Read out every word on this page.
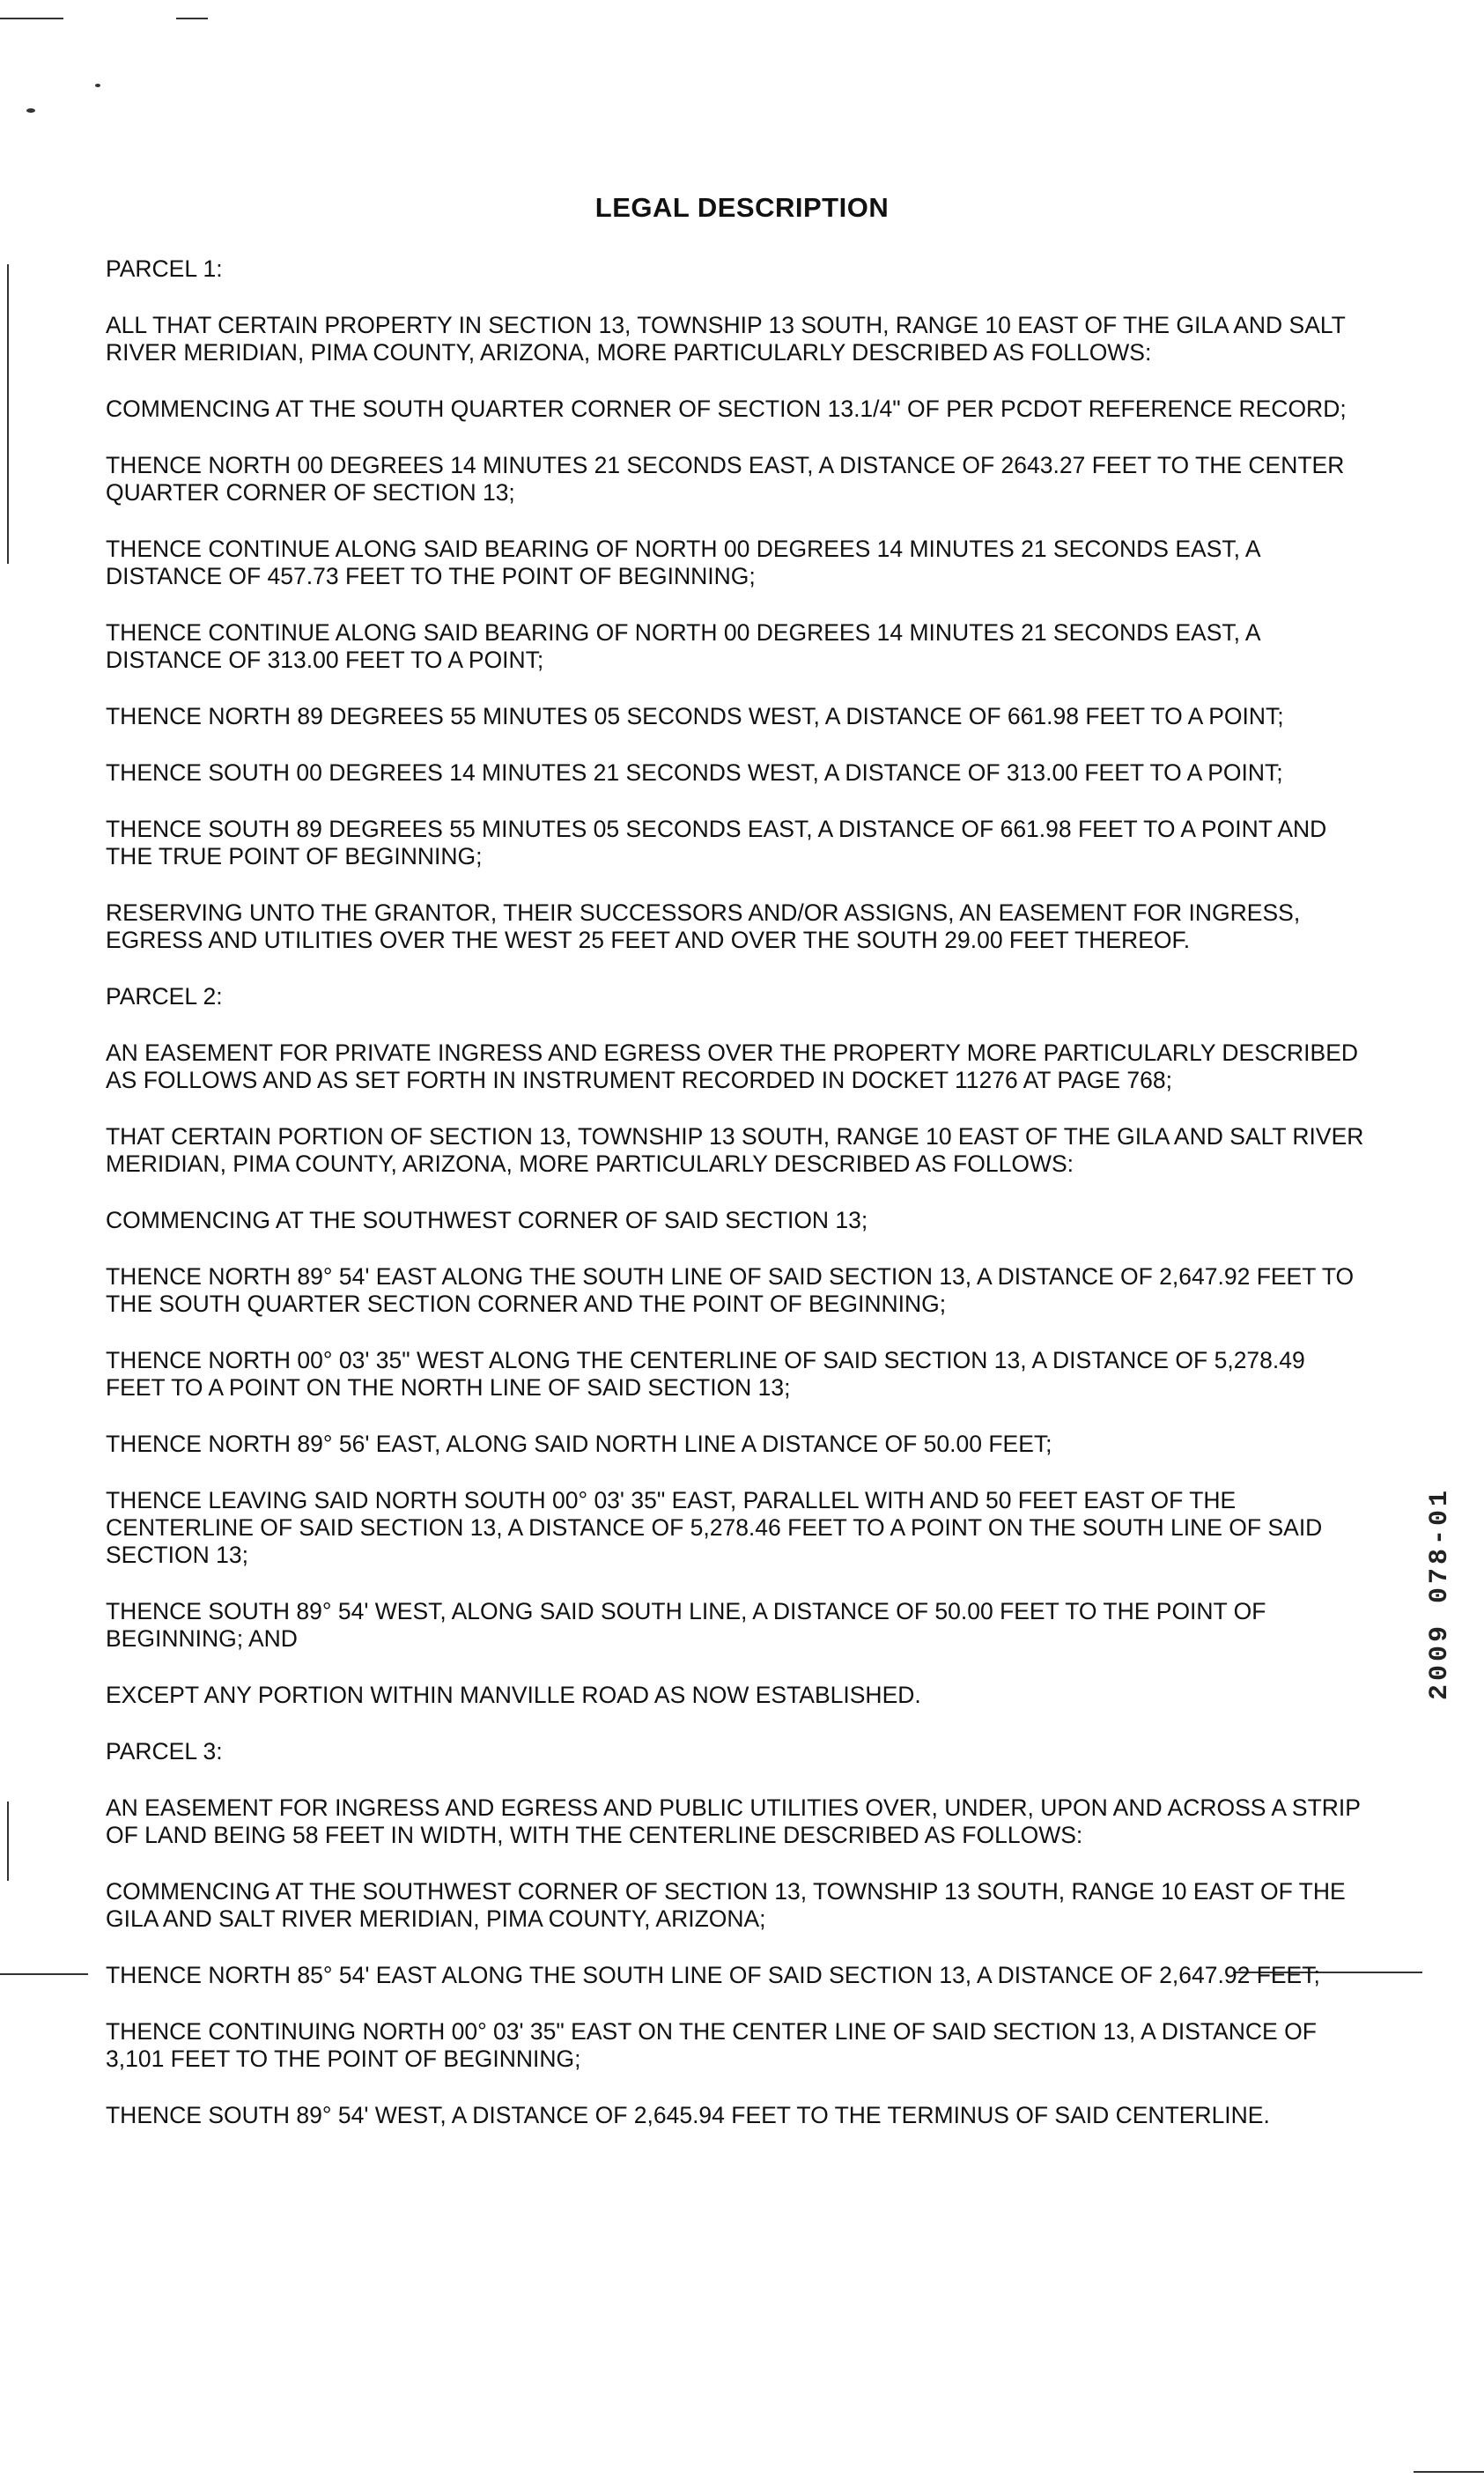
LEGAL DESCRIPTION

PARCEL 1:

ALL THAT CERTAIN PROPERTY IN SECTION 13, TOWNSHIP 13 SOUTH, RANGE 10 EAST OF THE GILA AND SALT RIVER MERIDIAN, PIMA COUNTY, ARIZONA, MORE PARTICULARLY DESCRIBED AS FOLLOWS:

COMMENCING AT THE SOUTH QUARTER CORNER OF SECTION 13.1/4" OF PER PCDOT REFERENCE RECORD;

THENCE NORTH 00 DEGREES 14 MINUTES 21 SECONDS EAST, A DISTANCE OF 2643.27 FEET TO THE CENTER QUARTER CORNER OF SECTION 13;

THENCE CONTINUE ALONG SAID BEARING OF NORTH 00 DEGREES 14 MINUTES 21 SECONDS EAST, A DISTANCE OF 457.73 FEET TO THE POINT OF BEGINNING;

THENCE CONTINUE ALONG SAID BEARING OF NORTH 00 DEGREES 14 MINUTES 21 SECONDS EAST, A DISTANCE OF 313.00 FEET TO A POINT;

THENCE NORTH 89 DEGREES 55 MINUTES 05 SECONDS WEST, A DISTANCE OF 661.98 FEET TO A POINT;

THENCE SOUTH 00 DEGREES 14 MINUTES 21 SECONDS WEST, A DISTANCE OF 313.00 FEET TO A POINT;

THENCE SOUTH 89 DEGREES 55 MINUTES 05 SECONDS EAST, A DISTANCE OF 661.98 FEET TO A POINT AND THE TRUE POINT OF BEGINNING;

RESERVING UNTO THE GRANTOR, THEIR SUCCESSORS AND/OR ASSIGNS, AN EASEMENT FOR INGRESS, EGRESS AND UTILITIES OVER THE WEST 25 FEET AND OVER THE SOUTH 29.00 FEET THEREOF.

PARCEL 2:

AN EASEMENT FOR PRIVATE INGRESS AND EGRESS OVER THE PROPERTY MORE PARTICULARLY DESCRIBED AS FOLLOWS AND AS SET FORTH IN INSTRUMENT RECORDED IN DOCKET 11276 AT PAGE 768;

THAT CERTAIN PORTION OF SECTION 13, TOWNSHIP 13 SOUTH, RANGE 10 EAST OF THE GILA AND SALT RIVER MERIDIAN, PIMA COUNTY, ARIZONA, MORE PARTICULARLY DESCRIBED AS FOLLOWS:

COMMENCING AT THE SOUTHWEST CORNER OF SAID SECTION 13;

THENCE NORTH 89° 54' EAST ALONG THE SOUTH LINE OF SAID SECTION 13, A DISTANCE OF 2,647.92 FEET TO THE SOUTH QUARTER SECTION CORNER AND THE POINT OF BEGINNING;

THENCE NORTH 00° 03' 35" WEST ALONG THE CENTERLINE OF SAID SECTION 13, A DISTANCE OF 5,278.49 FEET TO A POINT ON THE NORTH LINE OF SAID SECTION 13;

THENCE NORTH 89° 56' EAST, ALONG SAID NORTH LINE A DISTANCE OF 50.00 FEET;

THENCE LEAVING SAID NORTH SOUTH 00° 03' 35" EAST, PARALLEL WITH AND 50 FEET EAST OF THE CENTERLINE OF SAID SECTION 13, A DISTANCE OF 5,278.46 FEET TO A POINT ON THE SOUTH LINE OF SAID SECTION 13;

THENCE SOUTH 89° 54' WEST, ALONG SAID SOUTH LINE, A DISTANCE OF 50.00 FEET TO THE POINT OF BEGINNING; AND

EXCEPT ANY PORTION WITHIN MANVILLE ROAD AS NOW ESTABLISHED.

PARCEL 3:

AN EASEMENT FOR INGRESS AND EGRESS AND PUBLIC UTILITIES OVER, UNDER, UPON AND ACROSS A STRIP OF LAND BEING 58 FEET IN WIDTH, WITH THE CENTERLINE DESCRIBED AS FOLLOWS:

COMMENCING AT THE SOUTHWEST CORNER OF SECTION 13, TOWNSHIP 13 SOUTH, RANGE 10 EAST OF THE GILA AND SALT RIVER MERIDIAN, PIMA COUNTY, ARIZONA;

THENCE NORTH 85° 54' EAST ALONG THE SOUTH LINE OF SAID SECTION 13, A DISTANCE OF 2,647.92 FEET;

THENCE CONTINUING NORTH 00° 03' 35" EAST ON THE CENTER LINE OF SAID SECTION 13, A DISTANCE OF 3,101 FEET TO THE POINT OF BEGINNING;

THENCE SOUTH 89° 54' WEST, A DISTANCE OF 2,645.94 FEET TO THE TERMINUS OF SAID CENTERLINE.

2009 078-01
